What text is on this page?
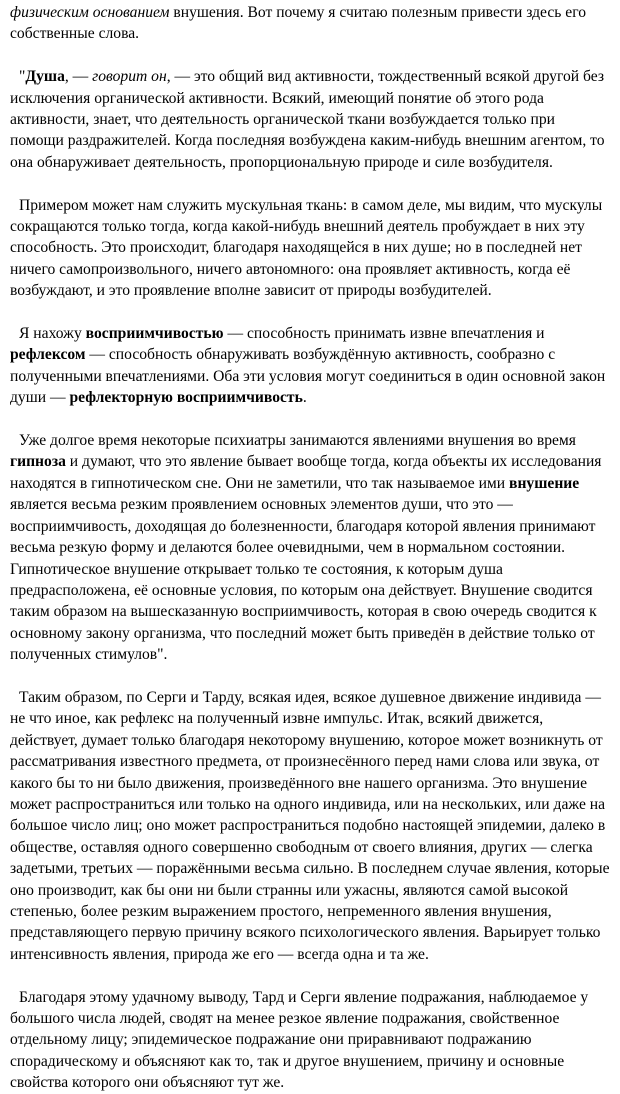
физическим основанием внушения. Вот почему я считаю полезным привести здесь его собственные слова.

"Душа, — говорит он, — это общий вид активности, тождественный всякой другой без исключения органической активности. Всякий, имеющий понятие об этого рода активности, знает, что деятельность органической ткани возбуждается только при помощи раздражителей. Когда последняя возбуждена каким-нибудь внешним агентом, то она обнаруживает деятельность, пропорциональную природе и силе возбудителя.

Примером может нам служить мускульная ткань: в самом деле, мы видим, что мускулы сокращаются только тогда, когда какой-нибудь внешний деятель пробуждает в них эту способность. Это происходит, благодаря находящейся в них душе; но в последней нет ничего самопроизвольного, ничего автономного: она проявляет активность, когда её возбуждают, и это проявление вполне зависит от природы возбудителей.

Я нахожу восприимчивостью — способность принимать извне впечатления и рефлексом — способность обнаруживать возбуждённую активность, сообразно с полученными впечатлениями. Оба эти условия могут соединиться в один основной закон души — рефлекторную восприимчивость.

Уже долгое время некоторые психиатры занимаются явлениями внушения во время гипноза и думают, что это явление бывает вообще тогда, когда объекты их исследования находятся в гипнотическом сне. Они не заметили, что так называемое ими внушение является весьма резким проявлением основных элементов души, что это — восприимчивость, доходящая до болезненности, благодаря которой явления принимают весьма резкую форму и делаются более очевидными, чем в нормальном состоянии. Гипнотическое внушение открывает только те состояния, к которым душа предрасположена, её основные условия, по которым она действует. Внушение сводится таким образом на вышесказанную восприимчивость, которая в свою очередь сводится к основному закону организма, что последний может быть приведён в действие только от полученных стимулов".

Таким образом, по Серги и Тарду, всякая идея, всякое душевное движение индивида — не что иное, как рефлекс на полученный извне импульс. Итак, всякий движется, действует, думает только благодаря некоторому внушению, которое может возникнуть от рассматривания известного предмета, от произнесённого перед нами слова или звука, от какого бы то ни было движения, произведённого вне нашего организма. Это внушение может распространиться или только на одного индивида, или на нескольких, или даже на большое число лиц; оно может распространиться подобно настоящей эпидемии, далеко в обществе, оставляя одного совершенно свободным от своего влияния, других — слегка задетыми, третьих — поражёнными весьма сильно. В последнем случае явления, которые оно производит, как бы они ни были странны или ужасны, являются самой высокой степенью, более резким выражением простого, непременного явления внушения, представляющего первую причину всякого психологического явления. Варьирует только интенсивность явления, природа же его — всегда одна и та же.

Благодаря этому удачному выводу, Тард и Серги явление подражания, наблюдаемое у большого числа людей, сводят на менее резкое явление подражания, свойственное отдельному лицу; эпидемическое подражание они приравнивают подражанию спорадическому и объясняют как то, так и другое внушением, причину и основные свойства которого они объясняют тут же.
